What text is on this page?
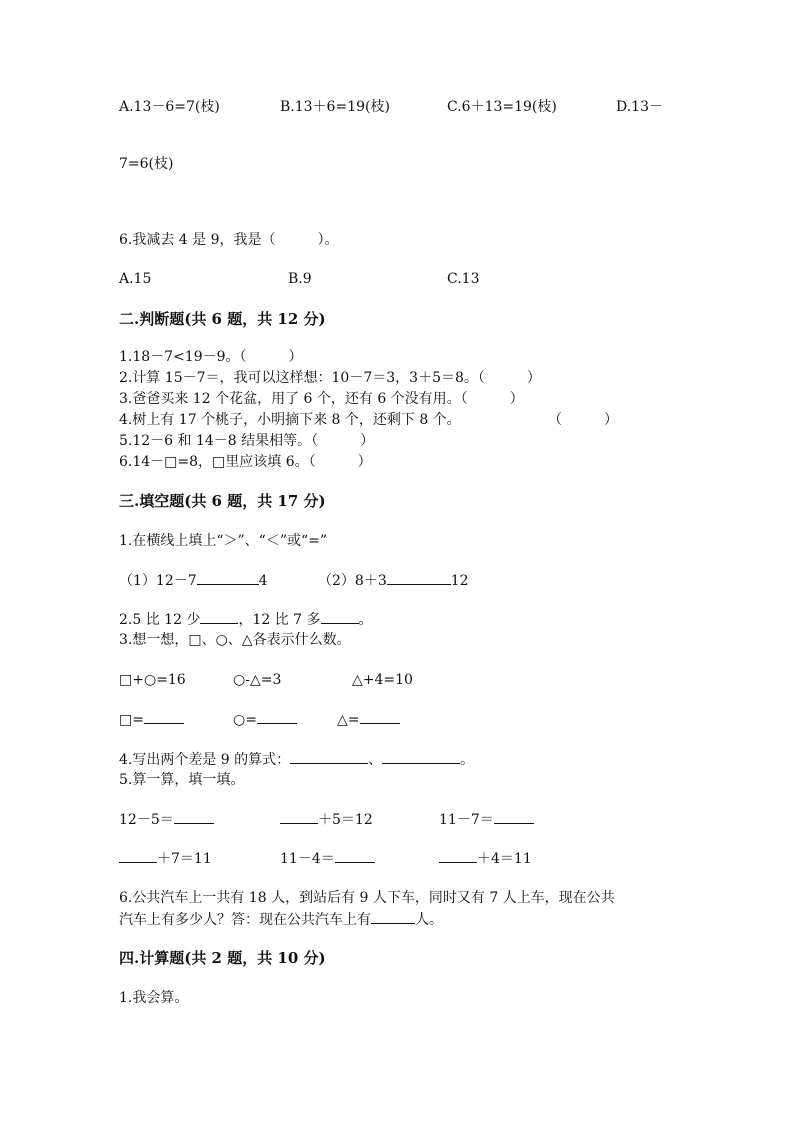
A.13－6=7(枝)	B.13＋6=19(枝)	C.6＋13=19(枝)	D.13－
7=6(枝)
6.我减去 4 是 9，我是（　　　）。
A.15	B.9	C.13
二.判断题(共 6 题，共 12 分)
1.18－7<19－9。（　　　）
2.计算 15－7＝，我可以这样想：10－7＝3，3＋5＝8。（　　　）
3.爸爸买来 12 个花盆，用了 6 个，还有 6 个没有用。（　　　）
4.树上有 17 个桃子，小明摘下来 8 个，还剩下 8 个。	（　　　）
5.12－6 和 14－8 结果相等。（　　　）
6.14－□=8，□里应该填 6。（　　　）
三.填空题(共 6 题，共 17 分)
1.在横线上填上“＞”、“＜”或“=”
（1）12－7	4	（2）8＋3	12
2.5 比 12 少	，12 比 7 多	。
3.想一想，□、○、△各表示什么数。
□+○=16	○-△=3	△+4=10
□=	○=	△=
4.写出两个差是 9 的算式：	、	。
5.算一算，填一填。
12－5＝	＋5＝12	11－7＝
＋7＝11	11－4＝	＋4＝11
6.公共汽车上一共有 18 人，到站后有 9 人下车，同时又有 7 人上车，现在公共
汽车上有多少人？答：现在公共汽车上有	人。
四.计算题(共 2 题，共 10 分)
1.我会算。
